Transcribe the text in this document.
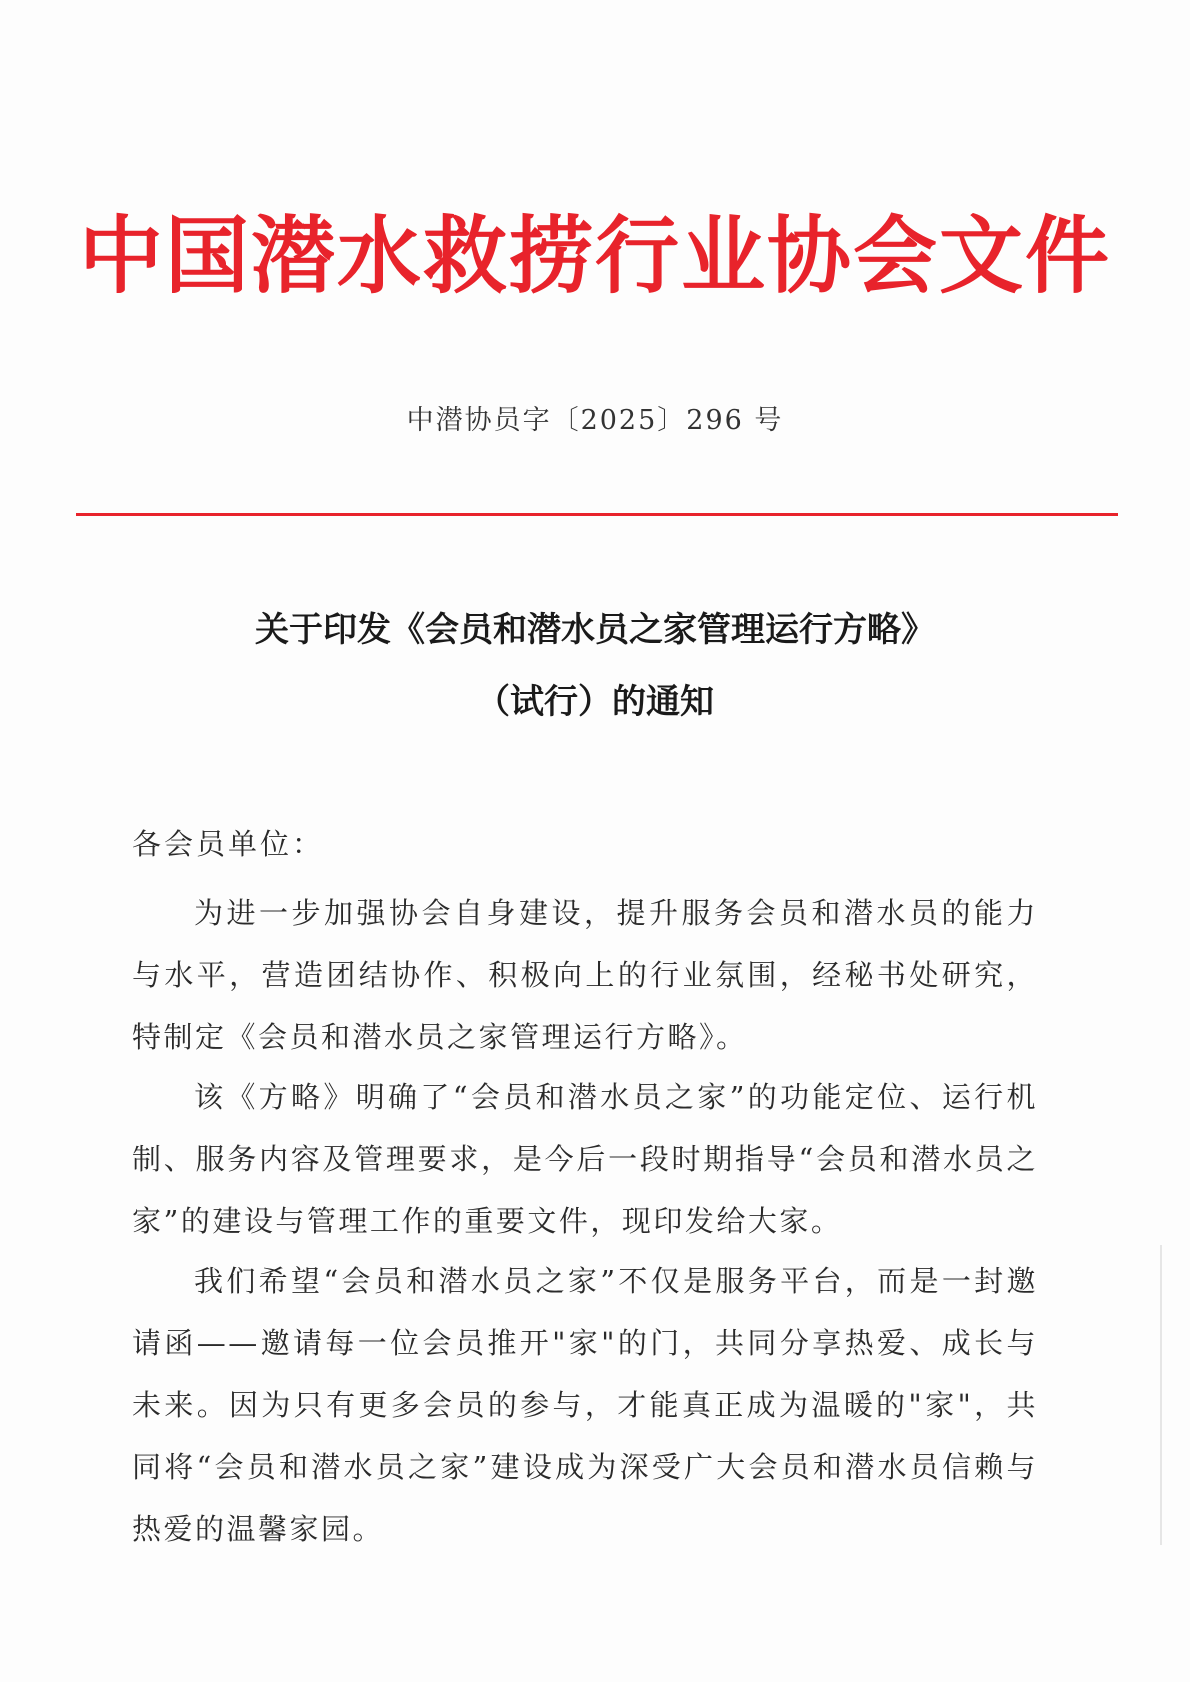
中国潜水救捞行业协会文件
中潜协员字〔2025〕296 号
关于印发《会员和潜水员之家管理运行方略》
（试行）的通知
各会员单位：
为进一步加强协会自身建设，提升服务会员和潜水员的能力与水平，营造团结协作、积极向上的行业氛围，经秘书处研究，特制定《会员和潜水员之家管理运行方略》。
该《方略》明确了“会员和潜水员之家”的功能定位、运行机制、服务内容及管理要求，是今后一段时期指导“会员和潜水员之家”的建设与管理工作的重要文件，现印发给大家。
我们希望“会员和潜水员之家”不仅是服务平台，而是一封邀请函——邀请每一位会员推开"家"的门，共同分享热爱、成长与未来。因为只有更多会员的参与，才能真正成为温暖的"家"，共同将“会员和潜水员之家”建设成为深受广大会员和潜水员信赖与热爱的温馨家园。
